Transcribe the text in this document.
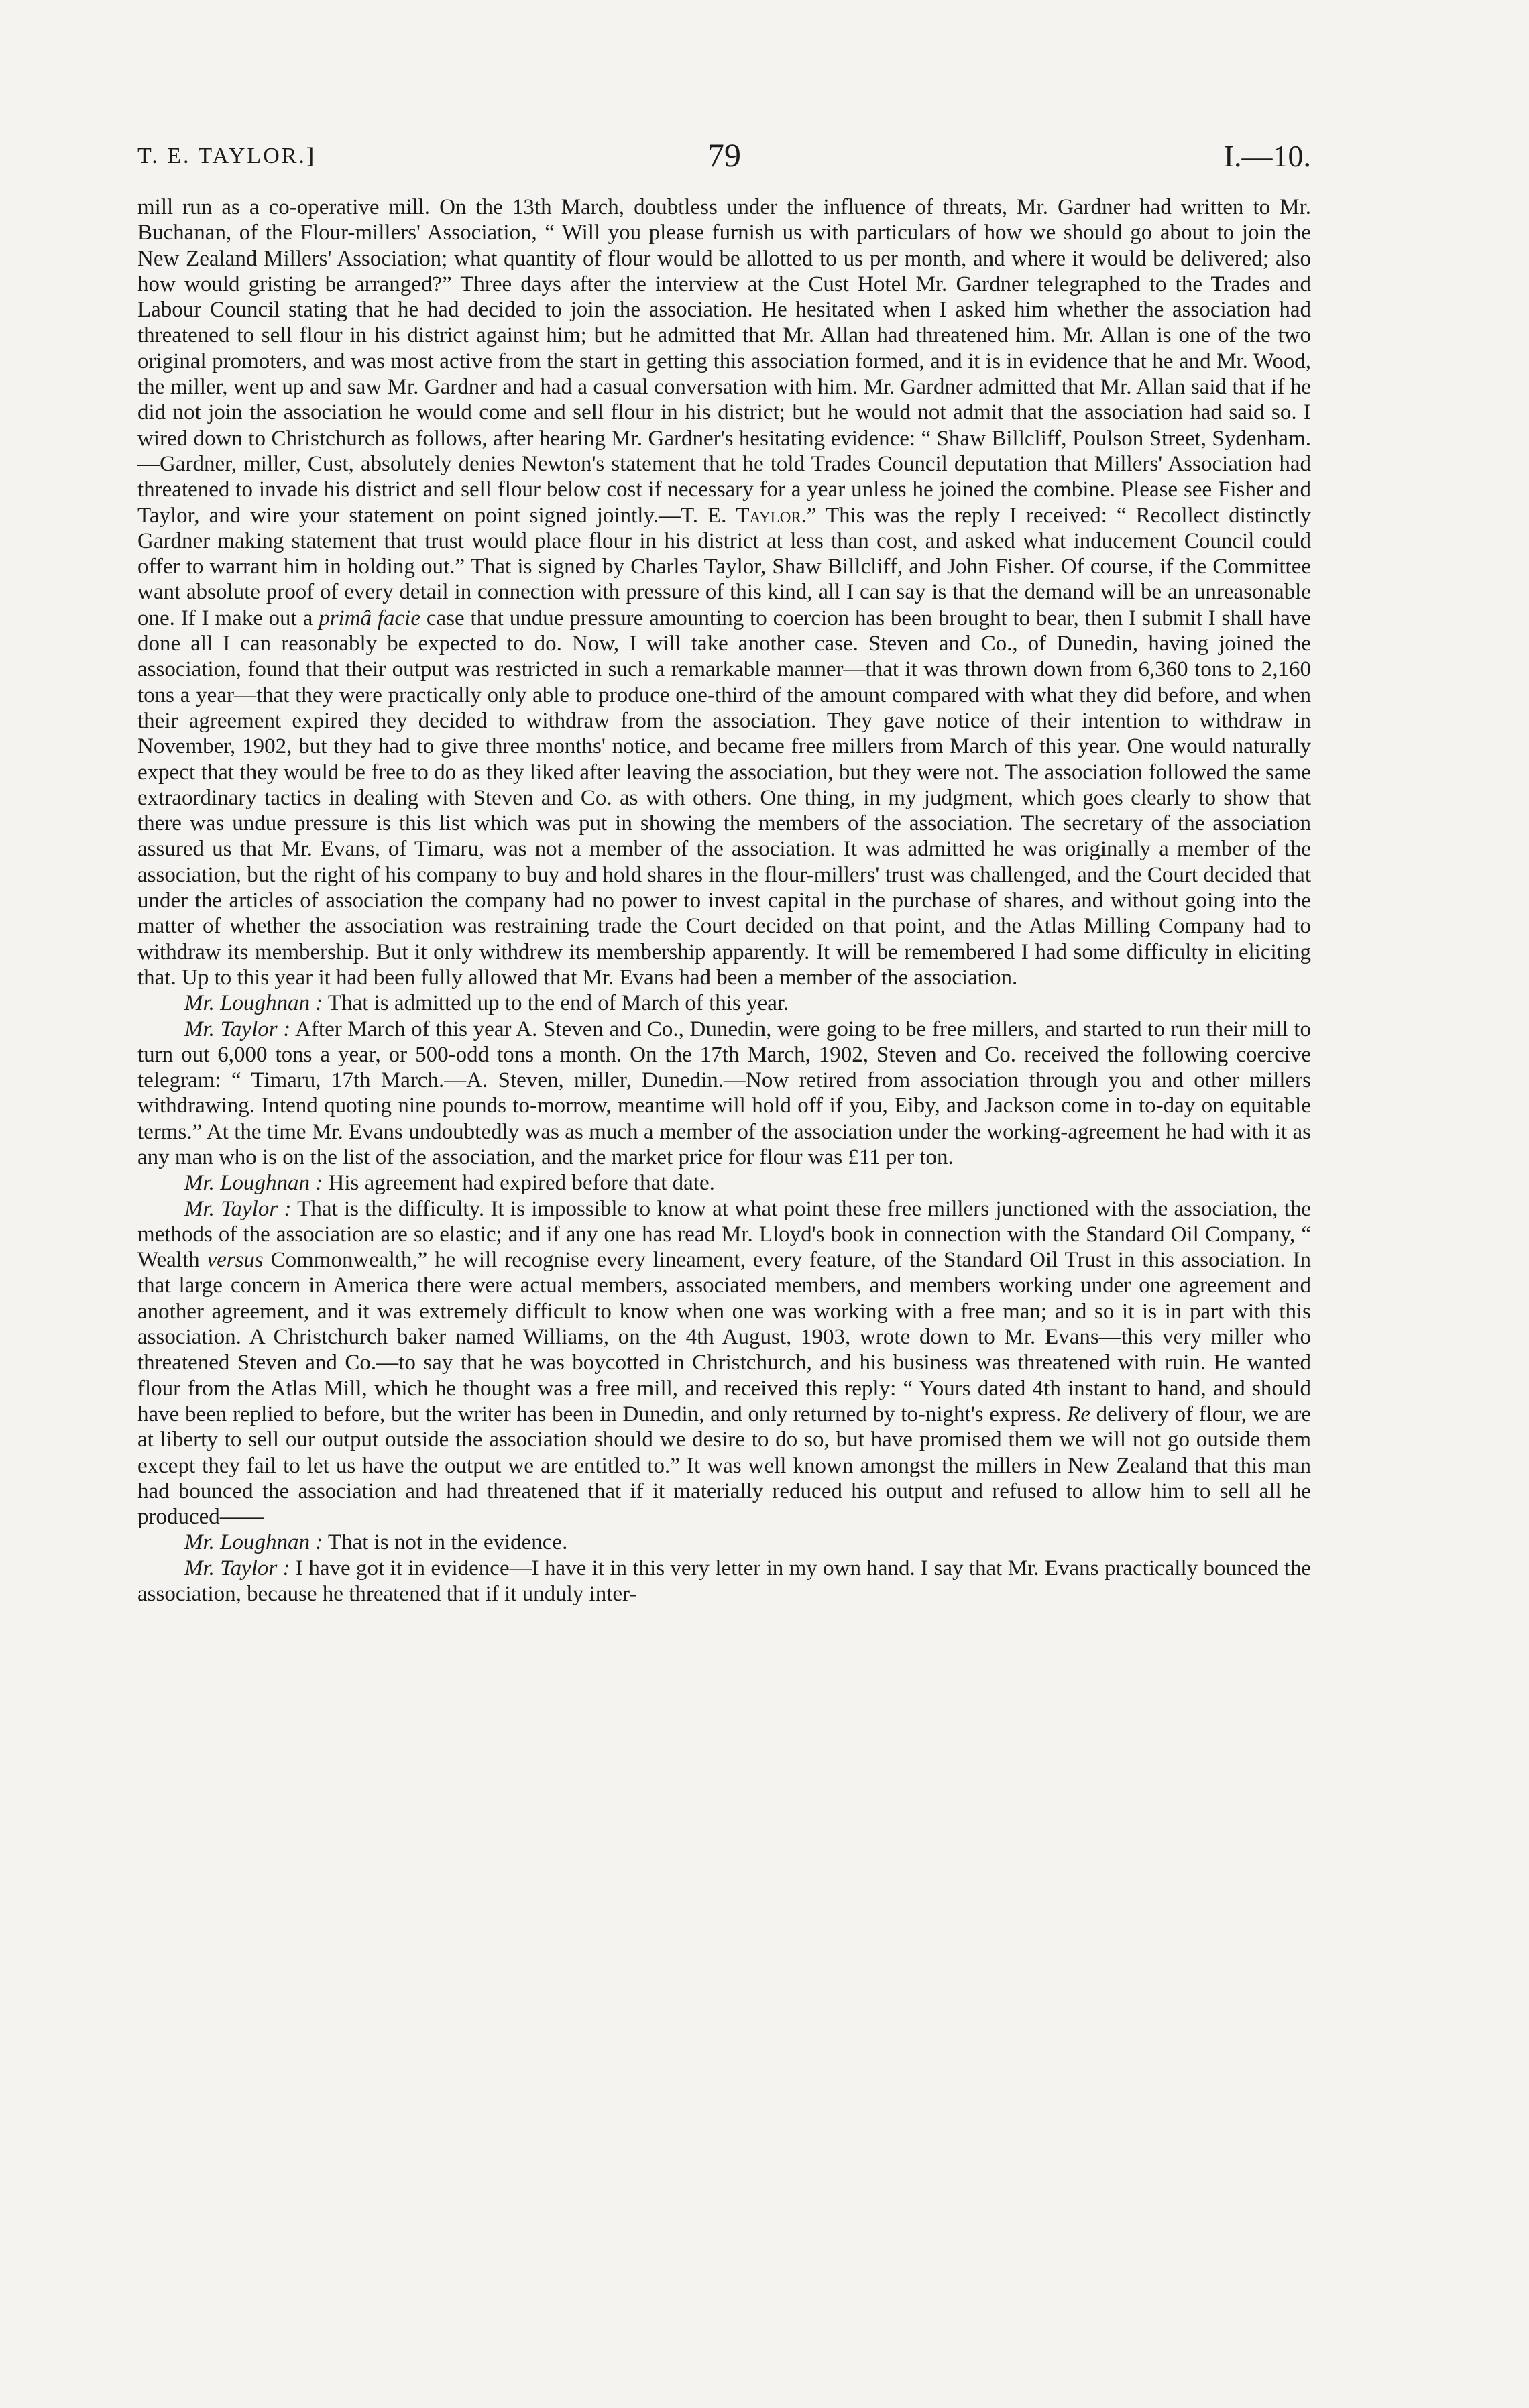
T. E. TAYLOR.]	79	I.—10.

mill run as a co-operative mill. On the 13th March, doubtless under the influence of threats, Mr. Gardner had written to Mr. Buchanan, of the Flour-millers' Association, “ Will you please furnish us with particulars of how we should go about to join the New Zealand Millers' Association; what quantity of flour would be allotted to us per month, and where it would be delivered; also how would gristing be arranged?” Three days after the interview at the Cust Hotel Mr. Gardner telegraphed to the Trades and Labour Council stating that he had decided to join the association. He hesitated when I asked him whether the association had threatened to sell flour in his district against him; but he admitted that Mr. Allan had threatened him. Mr. Allan is one of the two original promoters, and was most active from the start in getting this association formed, and it is in evidence that he and Mr. Wood, the miller, went up and saw Mr. Gardner and had a casual conversation with him. Mr. Gardner admitted that Mr. Allan said that if he did not join the association he would come and sell flour in his district; but he would not admit that the association had said so. I wired down to Christchurch as follows, after hearing Mr. Gardner's hesitating evidence: “ Shaw Billcliff, Poulson Street, Sydenham.—Gardner, miller, Cust, absolutely denies Newton's statement that he told Trades Council deputation that Millers' Association had threatened to invade his district and sell flour below cost if necessary for a year unless he joined the combine. Please see Fisher and Taylor, and wire your statement on point signed jointly.—T. E. Taylor.” This was the reply I received: “ Recollect distinctly Gardner making statement that trust would place flour in his district at less than cost, and asked what inducement Council could offer to warrant him in holding out.” That is signed by Charles Taylor, Shaw Billcliff, and John Fisher. Of course, if the Committee want absolute proof of every detail in connection with pressure of this kind, all I can say is that the demand will be an unreasonable one. If I make out a primâ facie case that undue pressure amounting to coercion has been brought to bear, then I submit I shall have done all I can reasonably be expected to do. Now, I will take another case. Steven and Co., of Dunedin, having joined the association, found that their output was restricted in such a remarkable manner—that it was thrown down from 6,360 tons to 2,160 tons a year—that they were practically only able to produce one-third of the amount compared with what they did before, and when their agreement expired they decided to withdraw from the association. They gave notice of their intention to withdraw in November, 1902, but they had to give three months' notice, and became free millers from March of this year. One would naturally expect that they would be free to do as they liked after leaving the association, but they were not. The association followed the same extraordinary tactics in dealing with Steven and Co. as with others. One thing, in my judgment, which goes clearly to show that there was undue pressure is this list which was put in showing the members of the association. The secretary of the association assured us that Mr. Evans, of Timaru, was not a member of the association. It was admitted he was originally a member of the association, but the right of his company to buy and hold shares in the flour-millers' trust was challenged, and the Court decided that under the articles of association the company had no power to invest capital in the purchase of shares, and without going into the matter of whether the association was restraining trade the Court decided on that point, and the Atlas Milling Company had to withdraw its membership. But it only withdrew its membership apparently. It will be remembered I had some difficulty in eliciting that. Up to this year it had been fully allowed that Mr. Evans had been a member of the association.

Mr. Loughnan : That is admitted up to the end of March of this year.

Mr. Taylor : After March of this year A. Steven and Co., Dunedin, were going to be free millers, and started to run their mill to turn out 6,000 tons a year, or 500-odd tons a month. On the 17th March, 1902, Steven and Co. received the following coercive telegram: “ Timaru, 17th March.—A. Steven, miller, Dunedin.—Now retired from association through you and other millers withdrawing. Intend quoting nine pounds to-morrow, meantime will hold off if you, Eiby, and Jackson come in to-day on equitable terms.” At the time Mr. Evans undoubtedly was as much a member of the association under the working-agreement he had with it as any man who is on the list of the association, and the market price for flour was £11 per ton.

Mr. Loughnan : His agreement had expired before that date.

Mr. Taylor : That is the difficulty. It is impossible to know at what point these free millers junctioned with the association, the methods of the association are so elastic; and if any one has read Mr. Lloyd's book in connection with the Standard Oil Company, “ Wealth versus Commonwealth,” he will recognise every lineament, every feature, of the Standard Oil Trust in this association. In that large concern in America there were actual members, associated members, and members working under one agreement and another agreement, and it was extremely difficult to know when one was working with a free man; and so it is in part with this association. A Christchurch baker named Williams, on the 4th August, 1903, wrote down to Mr. Evans—this very miller who threatened Steven and Co.—to say that he was boycotted in Christchurch, and his business was threatened with ruin. He wanted flour from the Atlas Mill, which he thought was a free mill, and received this reply: “ Yours dated 4th instant to hand, and should have been replied to before, but the writer has been in Dunedin, and only returned by to-night's express. Re delivery of flour, we are at liberty to sell our output outside the association should we desire to do so, but have promised them we will not go outside them except they fail to let us have the output we are entitled to.” It was well known amongst the millers in New Zealand that this man had bounced the association and had threatened that if it materially reduced his output and refused to allow him to sell all he produced——

Mr. Loughnan : That is not in the evidence.

Mr. Taylor : I have got it in evidence—I have it in this very letter in my own hand. I say that Mr. Evans practically bounced the association, because he threatened that if it unduly inter-
